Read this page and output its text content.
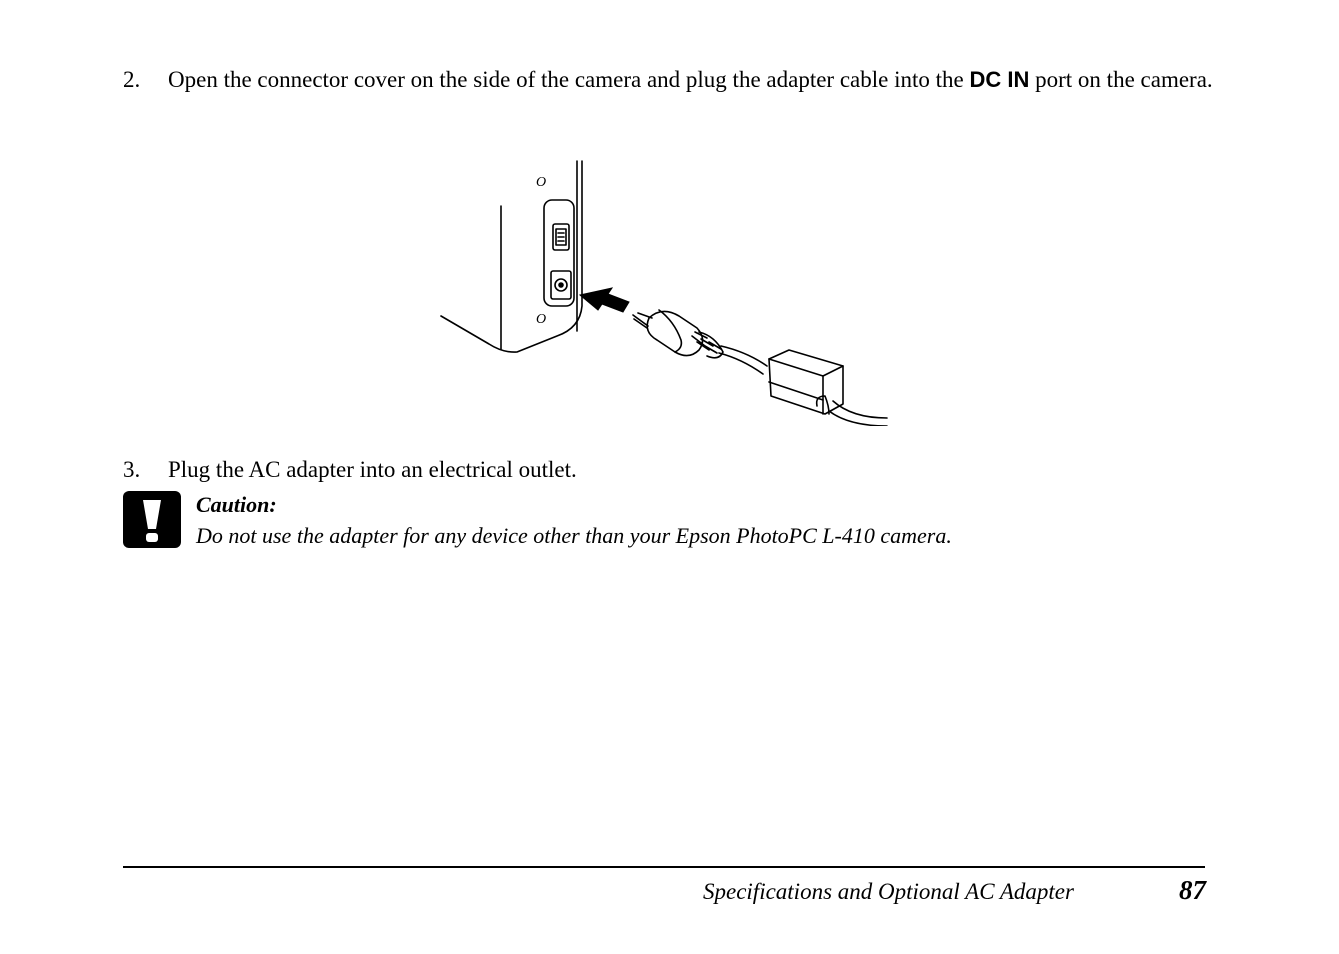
2. Open the connector cover on the side of the camera and plug the adapter cable into the DC IN port on the camera.
O
O
3. Plug the AC adapter into an electrical outlet.
Caution:
Do not use the adapter for any device other than your Epson PhotoPC L-410 camera.
Specifications and Optional AC Adapter	87
